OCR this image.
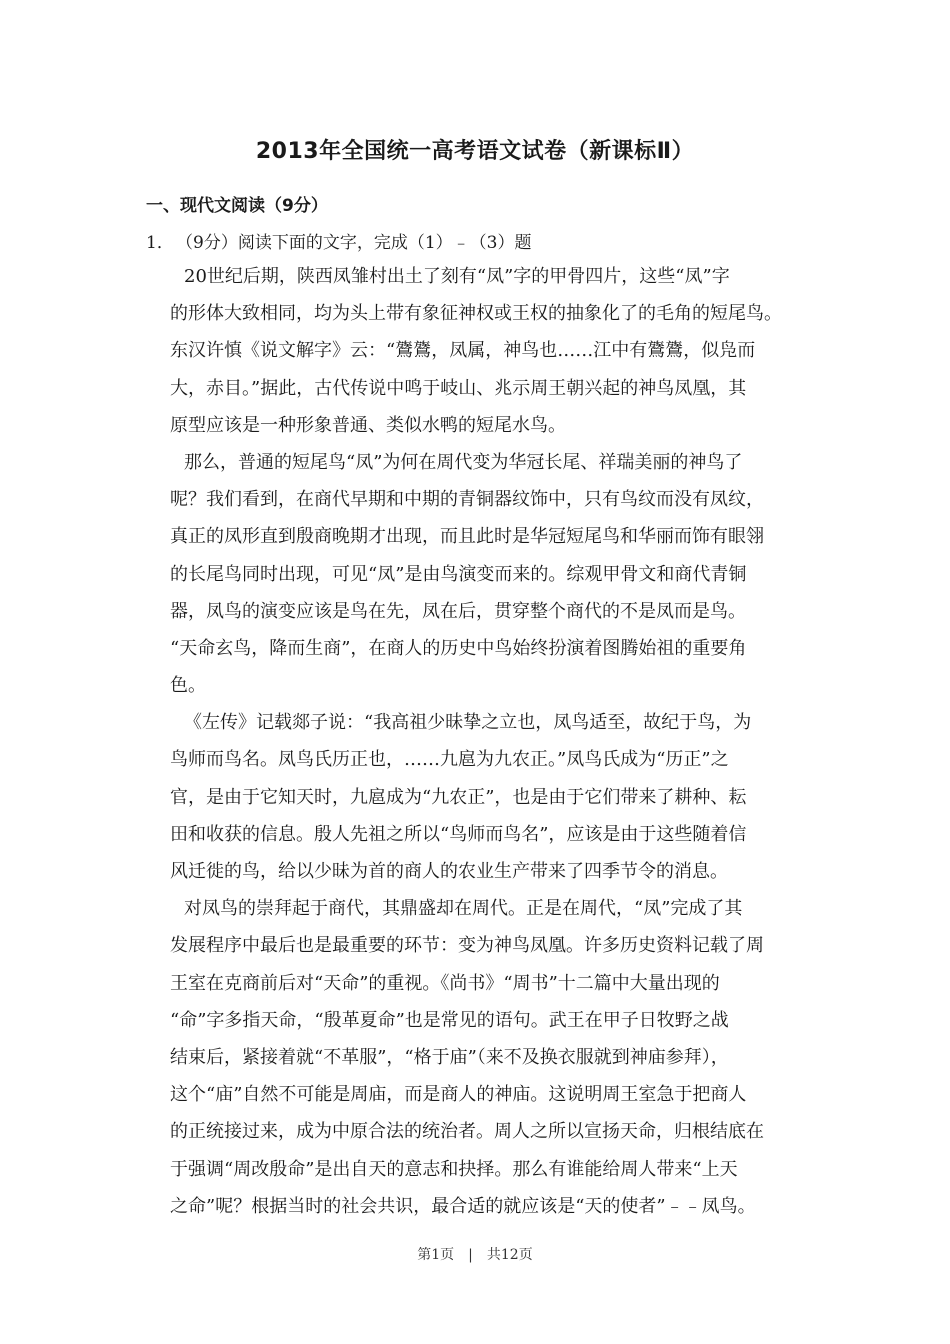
2013年全国统一高考语文试卷（新课标Ⅱ）
一、现代文阅读（9分）
1． （9分）阅读下面的文字，完成（1）﹣（3）题
20世纪后期，陕西凤雏村出土了刻有“凤”字的甲骨四片，这些“凤”字
的形体大致相同，均为头上带有象征神权或王权的抽象化了的毛角的短尾鸟。
东汉许慎《说文解字》云：“鷟鷟，凤属，神鸟也……江中有鷟鷟，似凫而
大，赤目。”据此，古代传说中鸣于岐山、兆示周王朝兴起的神鸟凤凰，其
原型应该是一种形象普通、类似水鸭的短尾水鸟。
那么，普通的短尾鸟“凤”为何在周代变为华冠长尾、祥瑞美丽的神鸟了
呢？我们看到，在商代早期和中期的青铜器纹饰中，只有鸟纹而没有凤纹，
真正的凤形直到殷商晚期才出现，而且此时是华冠短尾鸟和华丽而饰有眼翎
的长尾鸟同时出现，可见“凤”是由鸟演变而来的。综观甲骨文和商代青铜
器，凤鸟的演变应该是鸟在先，凤在后，贯穿整个商代的不是凤而是鸟。
“天命玄鸟，降而生商”，在商人的历史中鸟始终扮演着图腾始祖的重要角
色。
《左传》记载郯子说：“我高祖少昧挚之立也，凤鸟适至，故纪于鸟，为
鸟师而鸟名。凤鸟氏历正也，……九扈为九农正。”凤鸟氏成为“历正”之
官，是由于它知天时，九扈成为“九农正”，也是由于它们带来了耕种、耘
田和收获的信息。殷人先祖之所以“鸟师而鸟名”，应该是由于这些随着信
风迁徙的鸟，给以少昧为首的商人的农业生产带来了四季节令的消息。
对凤鸟的崇拜起于商代，其鼎盛却在周代。正是在周代，“凤”完成了其
发展程序中最后也是最重要的环节：变为神鸟凤凰。许多历史资料记载了周
王室在克商前后对“天命”的重视。《尚书》“周书”十二篇中大量出现的
“命”字多指天命，“殷革夏命”也是常见的语句。武王在甲子日牧野之战
结束后，紧接着就“不革服”，“格于庙”（来不及换衣服就到神庙参拜），
这个“庙”自然不可能是周庙，而是商人的神庙。这说明周王室急于把商人
的正统接过来，成为中原合法的统治者。周人之所以宣扬天命，归根结底在
于强调“周改殷命”是出自天的意志和抉择。那么有谁能给周人带来“上天
之命”呢？根据当时的社会共识，最合适的就应该是“天的使者”﹣﹣凤鸟。
第1页　|　共12页
